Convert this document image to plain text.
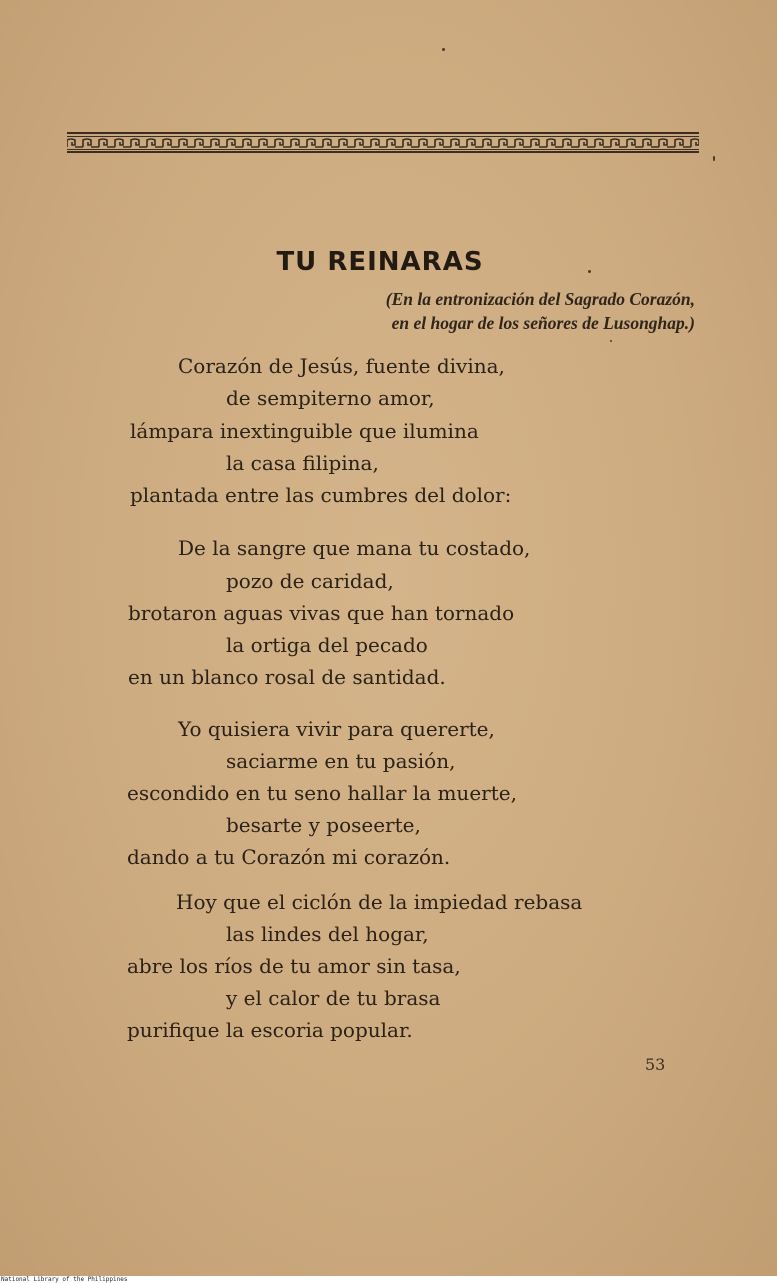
TU REINARAS
(En la entronización del Sagrado Corazón,
en el hogar de los señores de Lusonghap.)
Corazón de Jesús, fuente divina,
de sempiterno amor,
lámpara inextinguible que ilumina
la casa filipina,
plantada entre las cumbres del dolor:
De la sangre que mana tu costado,
pozo de caridad,
brotaron aguas vivas que han tornado
la ortiga del pecado
en un blanco rosal de santidad.
Yo quisiera vivir para quererte,
saciarme en tu pasión,
escondido en tu seno hallar la muerte,
besarte y poseerte,
dando a tu Corazón mi corazón.
Hoy que el ciclón de la impiedad rebasa
las lindes del hogar,
abre los ríos de tu amor sin tasa,
y el calor de tu brasa
purifique la escoria popular.
53
National Library of the Philippines
